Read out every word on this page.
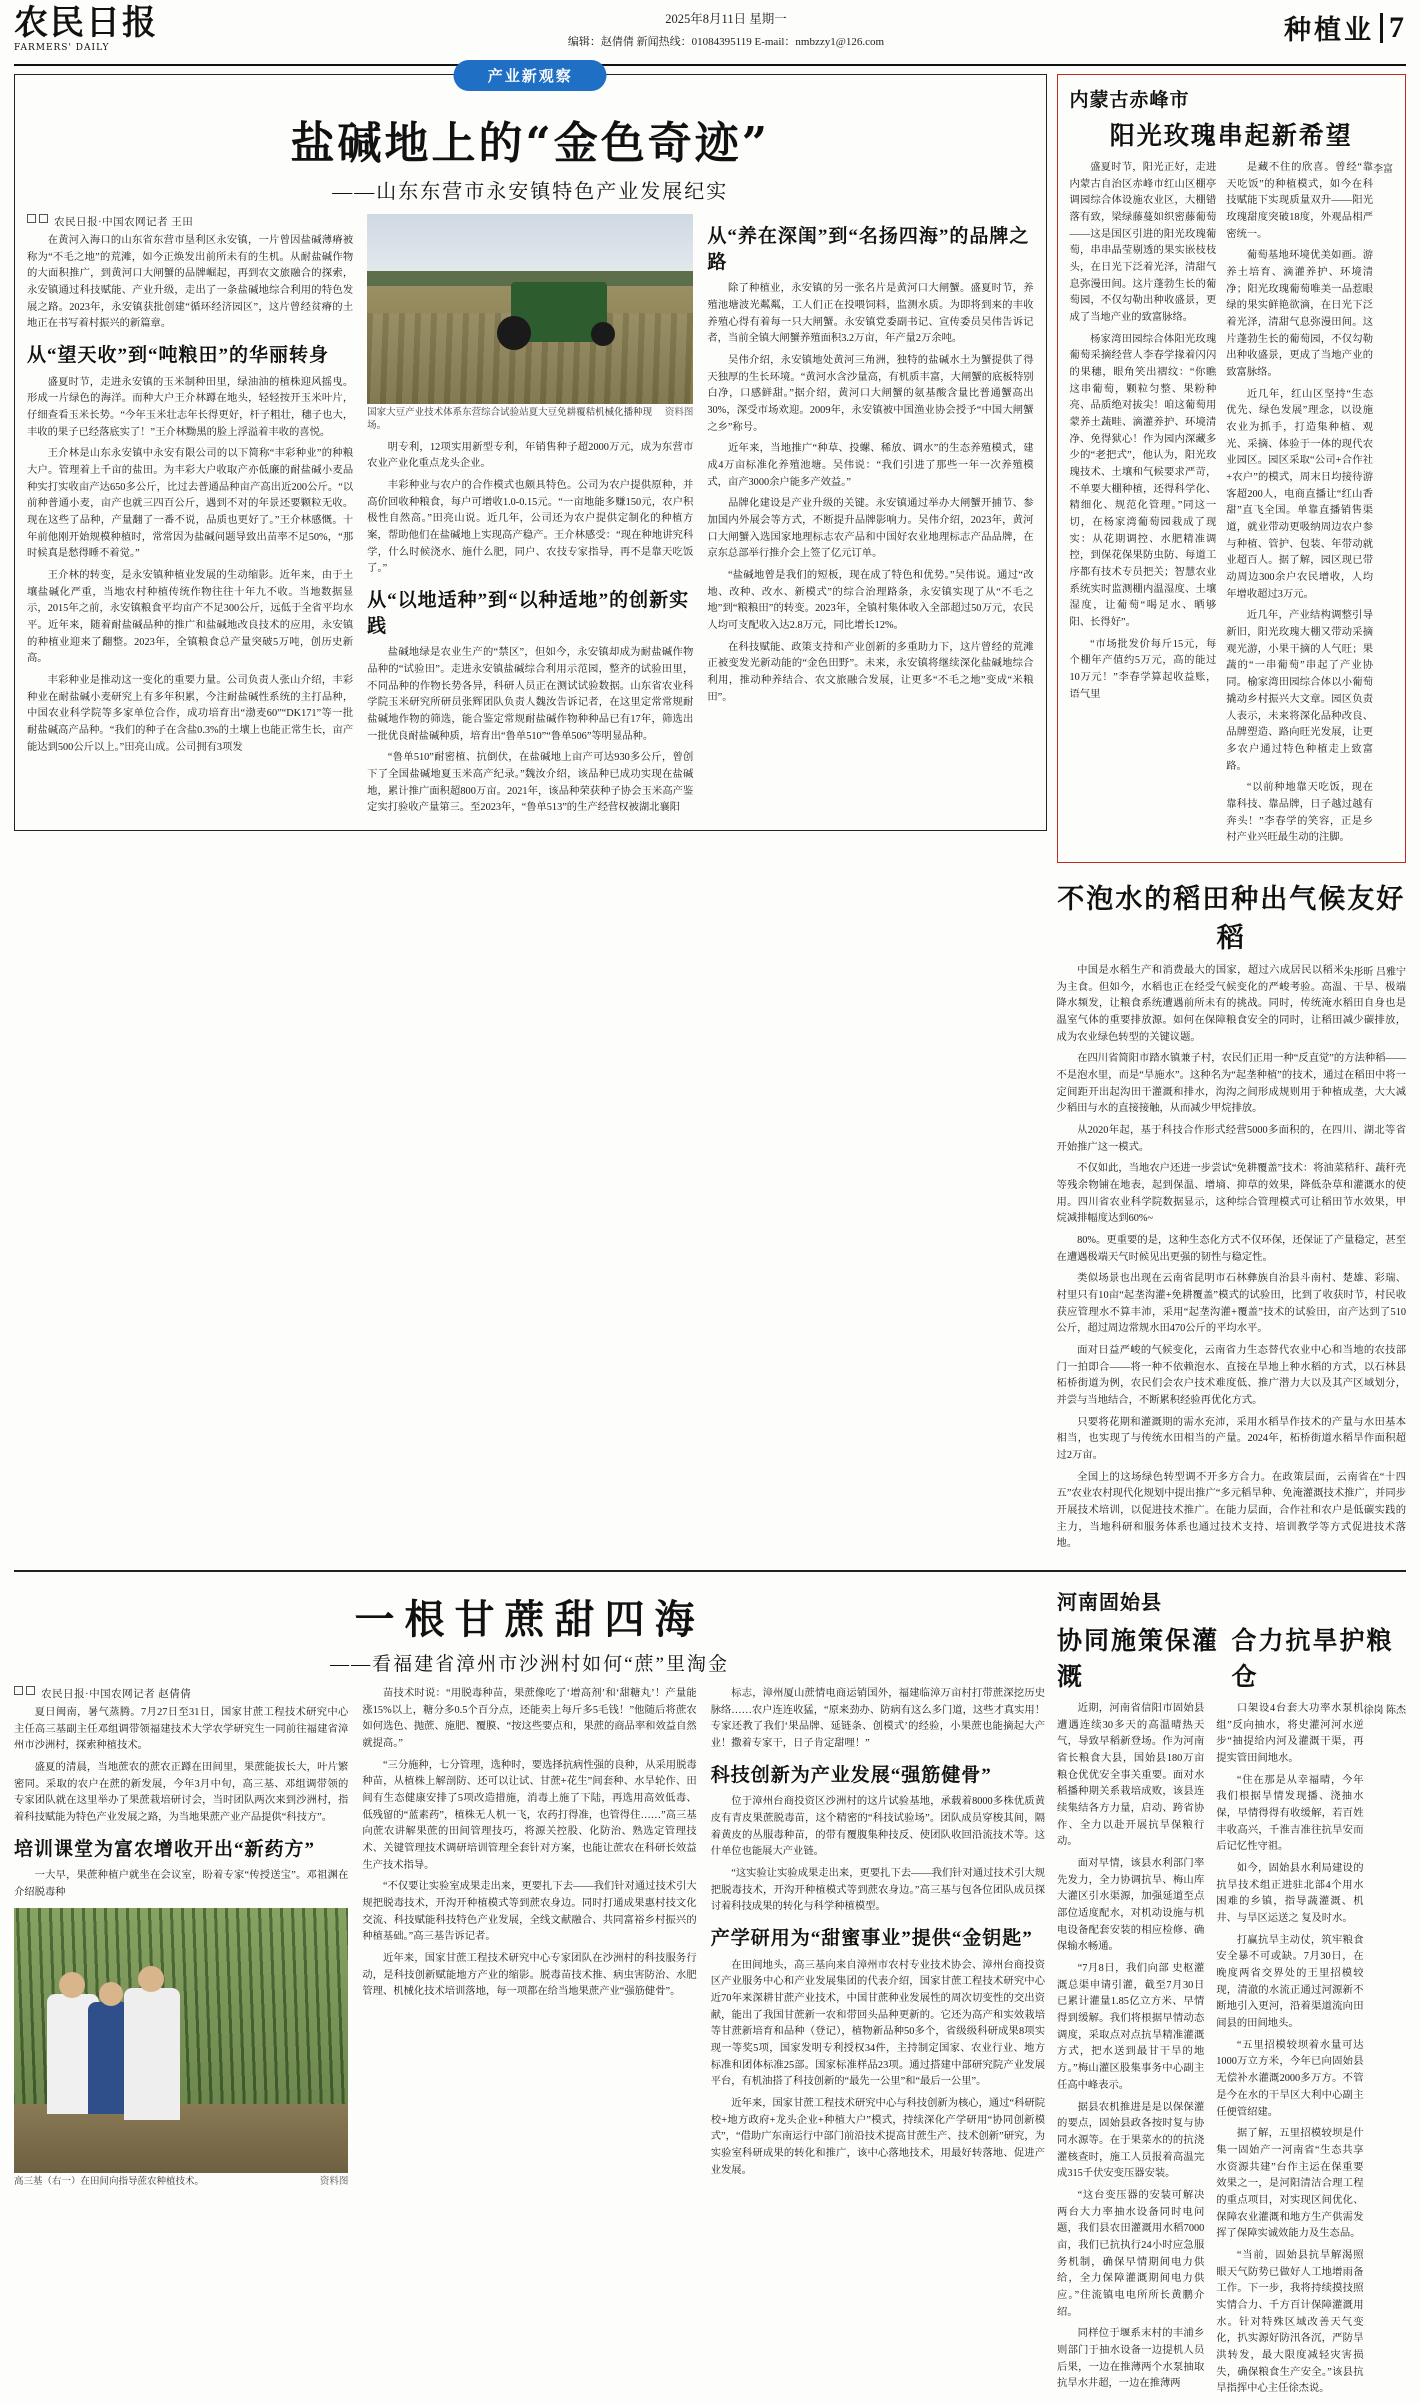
农民日报
FARMERS' DAILY
2025年8月11日 星期一
编辑：赵倩倩 新闻热线：01084395119 E-mail：nmbzzy1@126.com	种植业 7
产业新观察
盐碱地上的“金色奇迹”
——山东东营市永安镇特色产业发展纪实
农民日报·中国农网记者 王田

在黄河入海口的山东省东营市垦利区永安镇，一片曾因盐碱薄瘠被称为“不毛之地”的荒滩，如今正焕发出前所未有的生机。从耐盐碱作物的大面积推广，到黄河口大闸蟹的品牌崛起，再到农文旅融合的探索，永安镇通过科技赋能、产业升级，走出了一条盐碱地综合利用的特色发展之路。2023年，永安镇获批创建“循环经济园区”，这片曾经贫瘠的土地正在书写着村振兴的新篇章。

从“望天收”到“吨粮田”的华丽转身

盛夏时节，走进永安镇的玉米制种田里，绿油油的植株迎风摇曳。形成一片绿色的海洋。而种大户王介林蹲在地头，轻轻按开玉米叶片，仔细查看玉米长势。“今年玉米壮志年长得更好，杆子粗壮，穗子也大，丰收的果子已经落底实了！”王介林黝黑的脸上浮溢着丰收的喜悦。

王介林是山东永安镇中永安有限公司的以下简称“丰彩种业”的种粮大户。管理着上千亩的盐田。为丰彩大户收取产亦低廉的耐盐碱小麦品种实打实收亩产达650多公斤，比过去普通品种亩产高出近200公斤。“以前种普通小麦，亩产也就三四百公斤，遇到不对的年景还要颗粒无收。现在这些了品种，产量翻了一番不说，品质也更好了。”王介林感慨。十年前他刚开始规模种植时，常常因为盐碱问题导致出苗率不足50%，“那时候真是愁得睡不着觉。”

王介林的转变，是永安镇种植业发展的生动缩影。近年来，由于土壤盐碱化严重，当地农村种植传统作物往往十年九不收。当地数据显示，2015年之前，永安镇粮食平均亩产不足300公斤，远低于全省平均水平。近年来，随着耐盐碱品种的推广和盐碱地改良技术的应用，永安镇的种植业迎来了翻整。2023年，全镇粮食总产量突破5万吨，创历史新高。

丰彩种业是推动这一变化的重要力量。公司负责人张山介绍，丰彩种业在耐盐碱小麦研究上有多年积累，今注耐盐碱性系统的主打品种，中国农业科学院等多家单位合作，成功培育出“渤麦60”“DK171”等一批耐盐碱高产品种。“我们的种子在含盐0.3%的土壤上也能正常生长，亩产能达到500公斤以上。”田亮山成。公司拥有3项发

资料图
国家大豆产业技术体系东营综合试验站夏大豆免耕覆秸机械化播种现场。

明专利，12项实用新型专利，年销售种子超2000万元，成为东营市农业产业化重点龙头企业。

丰彩种业与农户的合作模式也颇具特色。公司为农户提供原种，并高价回收种粮食，每户可增收1.0-0.15元。“一亩地能多赚150元，农户积极性自然高。”田亮山说。近几年，公司还为农户提供定制化的种植方案，帮助他们在盐碱地上实现高产稳产。王介林感受：“现在种地讲究科学，什么时候浇水、施什么肥，同户、农技专家指导，再不是靠天吃饭了。”

从“以地适种”到“以种适地”的创新实践

盐碱地绿是农业生产的“禁区”，但如今，永安镇却成为耐盐碱作物品种的“试验田”。走进永安镇盐碱综合利用示范园，整齐的试验田里，不同品种的作物长势各异，科研人员正在测试试验数据。山东省农业科学院玉米研究所研员张辉团队负责人魏汝告诉记者，在这里定常常规耐盐碱地作物的筛选，能合鉴定常规耐盐碱作物种种品已有17年，筛选出一批优良耐盐碱种质，培育出“鲁单510”“鲁单506”等明显品种。

“鲁单510”耐密植、抗倒伏，在盐碱地上亩产可达930多公斤，曾创下了全国盐碱地夏玉米高产纪录。”魏汝介绍，该品种已成功实现在盐碱地，累计推广面积超800万亩。2021年，该品种荣获种子协会玉米高产鉴定实打验收产量第三。至2023年，“鲁单513”的生产经营权被湖北襄阳

从“养在深闺”到“名扬四海”的品牌之路

除了种植业，永安镇的另一张名片是黄河口大闸蟹。盛夏时节，养殖池塘波光粼粼，工人们正在投喂饲料，监测水质。为即将到来的丰收养殖心得有着每一只大闸蟹。永安镇党委副书记、宣传委员吴伟告诉记者，当前全镇大闸蟹养殖面积3.2万亩，年产量2万余吨。

吴伟介绍，永安镇地处黄河三角洲，独特的盐碱水土为蟹提供了得天独厚的生长环境。“黄河水含沙量高，有机质丰富，大闸蟹的底板特别白净，口感鲜甜。”据介绍，黄河口大闸蟹的氨基酸含量比普通蟹高出30%，深受市场欢迎。2009年，永安镇被中国渔业协会授予“中国大闸蟹之乡”称号。

近年来，当地推广“种草、投螺、稀放、调水”的生态养殖模式，建成4万亩标准化养殖池塘。吴伟说：“我们引进了那些一年一次养殖模式，亩产3000余户能多产效益。”

品牌化建设是产业升级的关键。永安镇通过举办大闸蟹开捕节、参加国内外展会等方式，不断提升品牌影响力。吴伟介绍，2023年，黄河口大闸蟹入选国家地理标志农产品和中国好农业地理标志产品品牌，在京东总部举行推介会上签了亿元订单。

“盐碱地曾是我们的短板，现在成了特色和优势。”吴伟说。通过“改地、改种、改水、新模式”的综合治理路条，永安镇实现了从“不毛之地”到“粮粮田”的转变。2023年，全镇村集体收入全部超过50万元，农民人均可支配收入达2.8万元，同比增长12%。

在科技赋能、政策支持和产业创新的多重助力下，这片曾经的荒滩正被变发光新动能的“金色田野”。未来，永安镇将继续深化盐碱地综合利用，推动种养结合、农文旅融合发展，让更多“不毛之地”变成“米粮田”。

内蒙古赤峰市
阳光玫瑰串起新希望
李富

盛夏时节，阳光正好，走进内蒙古自治区赤峰市红山区棚亭调园综合体设施农业区，大棚错落有致，梁绿藤蔓如织密藤葡萄——这是国区引进的阳光玫瑰葡萄，串串晶莹剔透的果实嵌枝枝头，在日光下泛着光泽，清甜气息弥漫田间。这片蓬勃生长的葡萄园，不仅勾勒出种收盛景，更成了当地产业的致富脉络。

杨家湾田园综合体阳光玫瑰葡萄采摘经营人李春学掾着闪闪的果穗，眼角笑出褶纹：“你瞧这串葡萄，颗粒匀整、果粉种亮、品质绝对拔尖！咱这葡萄用蒙养土蔬畦、滴灌养护、环境清净、免得狱心！作为园内深藏多少的“老把式”，他认为，阳光玫瑰技术、土壤和气候要求严苛，不单要大棚种植，还得科学化、精细化、规范化管理。”同这一切，在杨家湾葡萄园栽成了现实：从花期调控、水肥精准调控，到保花保果防虫防、每道工序都有技术专员把关；智慧农业系统实时监测棚内温湿度、土壤湿度，让葡萄“喝足水、晒够阳、长得好”。

“市场批发价每斤15元，每个棚年产值约5万元，高的能过10万元！”李春学算起收益账，语气里

是藏不住的欣喜。曾经“靠天吃饭”的种植模式，如今在科技赋能下实现质量双升——阳光玫瑰甜度突破18度，外观品相严密统一。

葡萄基地环境优美如画。游养土培育、滴灌养护、环境清净；阳光玫瑰葡萄唯美一品惹眼绿的果实鲜艳欲滴，在日光下泛着光泽，清甜气息弥漫田间。这片蓬勃生长的葡萄园，不仅勾勒出种收盛景，更成了当地产业的致富脉络。

近几年，红山区坚持“生态优先、绿色发展”理念，以设施农业为抓手，打造集种植、观光、采摘、体验于一体的现代农业园区。园区采取“公司+合作社+农户”的模式，周末日均接待游客超200人，电商直播让“红山香甜”直飞全国。单靠直播销售渠道，就业带动更吸纳周边农户参与种植、管护、包装、年带动就业超百人。据了解，园区现已带动周边300余户农民增收，人均年增收超过3万元。

近几年，产业结构调整引导新旧，阳光玫瑰大棚又带动采摘观光游，小果干摘的人气旺；果蔬的“一串葡萄”串起了产业协同。榆家湾田园综合体以小葡萄撬动乡村振兴大文章。园区负责人表示，未来将深化品种改良、品牌塑造、路向旺光发展，让更多农户通过特色种植走上致富路。

“以前种地靠天吃饭，现在靠科技、靠品牌，日子越过越有奔头！”李春学的笑容，正是乡村产业兴旺最生动的注脚。

不泡水的稻田种出气候友好稻
朱彤昕 吕雅宁

中国是水稻生产和消费最大的国家，超过六成居民以稻米为主食。但如今，水稻也正在经受气候变化的严峻考验。高温、干旱、极端降水频发，让粮食系统遭遇前所未有的挑战。同时，传统淹水稻田自身也是温室气体的重要排放源。如何在保障粮食安全的同时，让稻田减少碳排放，成为农业绿色转型的关键议题。

在四川省简阳市踏水镇兼子村，农民们正用一种“反直觉”的方法种稻——不是泡水里，而是“旱施水”。这种名为“起垄种植”的技术，通过在稻田中将一定间距开出起沟田干灌溉和排水，沟沟之间形成规则用于种植成垄，大大减少稻田与水的直接接触，从而减少甲烷排放。

从2020年起，基于科技合作形式经营5000多面积的，在四川、湖北等省开始推广这一模式。

不仅如此，当地农户还进一步尝试“免耕覆盖”技术：将油菜秸秆、蔬秆壳等残余物铺在地表，起到保温、增墒、抑草的效果，降低杂草和灌溉水的使用。四川省农业科学院数据显示，这种综合管理模式可让稻田节水效果，甲烷减排幅度达到60%~

80%。更重要的是，这种生态化方式不仅环保，还保证了产量稳定，甚至在遭遇极端天气时候见出更强的韧性与稳定性。

类似场景也出现在云南省昆明市石林彝族自治县斗南村、楚雄、彩瑞、村里只有10亩“起垄沟灌+免耕覆盖”模式的试验田，比到了收获时节，村民收获应管理水不算丰沛，采用“起垄沟灌+覆盖”技术的试验田，亩产达到了510公斤，超过周边常规水田470公斤的平均水平。

面对日益严峻的气候变化，云南省力生态替代农业中心和当地的农技部门一拍即合——将一种不依赖泡水、直接在旱地上种水稻的方式，以石林县柘桥街道为例，农民们会农户技术难度低、推广潜力大以及其产区域划分，并尝与当地结合，不断累积经验再优化方式。

只要将花期和灌溉期的需水充沛，采用水稻旱作技术的产量与水田基本相当，也实现了与传统水田相当的产量。2024年，柘桥街道水稻旱作面积超过2万亩。

全国上的这场绿色转型调不开多方合力。在政策层面，云南省在“十四五”农业农村现代化规划中提出推广“多元稻旱种、免淹灌溉技术推广，并同步开展技术培训，以促进技术推广。在能力层面，合作社和农户是低碳实践的主力，当地科研和服务体系也通过技术支持、培训教学等方式促进技术落地。

一根甘蔗甜四海
——看福建省漳州市沙洲村如何“蔗”里淘金
农民日报·中国农网记者 赵倩倩

夏日闽南，暑气蒸腾。7月27日至31日，国家甘蔗工程技术研究中心主任高三基副主任邓组调带领福建技术大学农学研究生一同前往福建省漳州市沙洲村，探索种植技术。

盛夏的清晨，当地蔗农的蔗农正蹲在田间里，果蔗能拔长大，叶片繁密同。采取的农户在蔗的新发展，今年3月中旬，高三基、邓组调带领的专家团队就在这里举办了果蔗栽培研讨会，当时团队两次来到沙洲村，指着科技赋能为特色产业发展之路，为当地果蔗产业产品提供“科技方”。

培训课堂为富农增收开出“新药方”

一大早，果蔗种植户就坐在会议室，盼着专家“传授送宝”。邓祖渊在介绍脱毒种

资料图
高三基（右一）在田间向指导蔗农种植技术。

苗技术时说：“用脱毒种苗，果蔗像吃了‘增高剂’和‘甜糖丸’！产量能涨15%以上，糖分多0.5个百分点，还能卖上每斤多5毛钱！”他随后将蔗农如何选色、抛蔗、施肥、覆膜、“按这些要点和，果蔗的商品率和效益自然就提高。”

“三分施种，七分管理，选种时，要选择抗病性强的良种，从采用脱毒种苗，从植株上解剖防、还可以让试、甘蔗+花生”间套种、水旱轮作、田间有生态健康安排了5项改造措施，消毒上施了下陆，再选用高效低毒、低残留的“蓝素药”，植株无人机一飞，农药打得准，也管得住……”高三基向蔗农讲解果蔗的田间管理技巧，将源关控股、化防治、熟选定管理技术、关键管理技术调研培训管理全套针对方案，也能让蔗农在科研长效益生产技术指导。

“不仅要让实验室成果走出来，更要扎下去——我们针对通过技术引大规把脱毒技术，开沟开种植模式等到蔗农身边。同时打通成果惠村技文化交流、科技赋能科技特色产业发展，全线文献融合、共同富裕乡村振兴的种植基础。”高三基告诉记者。

近年来，国家甘蔗工程技术研究中心专家团队在沙洲村的科技服务行动，是科技创新赋能地方产业的缩影。脱毒苗技术推、病虫害防治、水肥管理、机械化技术培训落地，每一项都在给当地果蔗产业“强筋健骨”。

标志，漳州厦山蔗情电商运销国外，福建临漳万亩村打带蔗深挖历史脉络……农户连连收猛，“原来劲办、防病有这么多门道，这些才真实用！专家还教了我们‘果品牌、延链条、创模式’的经验，小果蔗也能摘起大产业！撒着专家干，日子肯定甜哩！”

科技创新为产业发展“强筋健骨”

位于漳州台商投资区沙洲村的这片试验基地，承载着8000多株优质黄皮有青皮果蔗脱毒苗，这个精密的“科技试验场”。团队成员穿梭其间，隔着黄皮的丛服毒种苗，的带有覆腹集种技反、使团队收回沿流技术等。这什单位也能展大产业链。

“这实验让实验成果走出来，更要扎下去——我们针对通过技术引大规把脱毒技术，开沟开种植模式等到蔗农身边。”高三基与包各位团队成员探讨着科技成果的转化与科学种植模型。

产学研用为“甜蜜事业”提供“金钥匙”

在田间地头，高三基向来自漳州市农村专业技术协会、漳州台商投资区产业服务中心和产业发展集团的代表介绍，国家甘蔗工程技术研究中心近70年来深耕甘蔗产业技术，中国甘蔗种业发展性的周次切变性的交出资献，能出了我国甘蔗新一农和带回头品种更新的。它还为高产和实效栽培等甘蔗新培育和品种（登记），植物新品种50多个，省级级科研成果8项实现一等奖5项，国家发明专利授权34件，主持制定国家、农业行业、地方标准和团体标准25部。国家标准样品23项。通过搭建中部研究院产业发展平台，有机油搭了科技创新的“最先一公里”和“最后一公里”。

近年来，国家甘蔗工程技术研究中心与科技创新为核心，通过“科研院校+地方政府+龙头企业+种植大户”模式，持续深化产学研用“协同创新模式”，“借助广东南运行中部门前沿技术提高甘蔗生产、技术创新”研究，为实验室科研成果的转化和推广，该中心落地技术，用最好转落地、促进产业发展。

河南固始县
协同施策保灌溉
合力抗旱护粮仓
徐岗 陈杰

近期，河南省信阳市固始县遭遇连续30多天的高温晴热天气，导致早稻新登场。作为河南省长粮食大县，国始县180万亩粮仓优优安全事关重要。面对水稻播种期关系栽培成败，该县连续集结各方力量，启动、跨省协作、全力以赴开展抗旱保粮行动。

面对早情，该县水利部门率先发力，全力协调抗旱、梅山库大灌区引水渠源，加强延道至点部位适度配水，对机动设施与机电设备配套安装的相应检修、确保输水畅通。

“7月8日，我们向部 史枢灌溉总渠申请引灌，截至7月30日已累计灌量1.85亿立方米、早情得到缓解。我们将根据早情动态调度，采取点对点抗旱精准灌溉方式，把水送到最甘干旱的地方。”梅山灌区股集事务中心副主任高中峰表示。

据县农机推进是是以保保灌的要点，固始县政各按时复与协同水源等。在于果菜水的的抗浇灌核查时，施工人员报着高温完成315千伏安变压器安装。

“这台变压器的安装可解决两台大力率抽水设备同时电问题，我们县农田灌溉用水稻7000亩，我们已抗执行24小时应急服务机制，确保早情期间电力供给，全力保障灌溉期间电力供应。”住流镇电电所所长黄鹏介绍。

同样位于堰系末村的丰浦乡则部门于抽水设备一边提机人员后果，一边在推薄两个水泵抽取抗旱水井超，一边在推薄两

口架设4台套大功率水泵机组”反向抽水，将史灌河河水逆步“抽提给内河及灌溉干渠，再提实管田间地水。

“住在那是从幸福晴，今年我们根据旱情发现播、浇抽水保，早情得得有收缓解，若百姓丰收高兴，千淮吉准往抗旱安而后记忆性守祖。

如今，固始县水利局建设的抗旱技术组正进驻北部4个用水困难的乡镇，指导蔬灌溉、机井、与旱区运送之 复及时水。

打赢抗旱主动仗，筑牢粮食安全暴不可或缺。7月30日，在晚度两省交界处的王里招模较现，清澈的水流正通过河源新不断地引入更河，沿着渠道流向田间县的田间地头。

“五里招模较坝着水量可达1000万立方米，今年已向固始县无偿补水灌溉2000多万方。不管是今在水的干旱区大利中心副主任便管绍建。

据了解，五里招模较坝是什集一固始产一河南省“生态共享水资源共建”台作主运在保重要效果之一，是河阳清洁合理工程的重点项目，对实现区间优化、保障农业灌溉和地方生产供需发挥了保障实诚效能力及生态品。

“当前，固始县抗旱解渴照眼天气防势已做好人工地增雨备工作。下一步，我将持续摸技照实情合力、千方百计保障灌溉用水。针对特殊区域改善天气变化，扒实源好防汛各沉，严防旱洪转发，最大限度减轻灾害损失，确保粮食生产安全。”该县抗旱指挥中心主任徐杰说。
